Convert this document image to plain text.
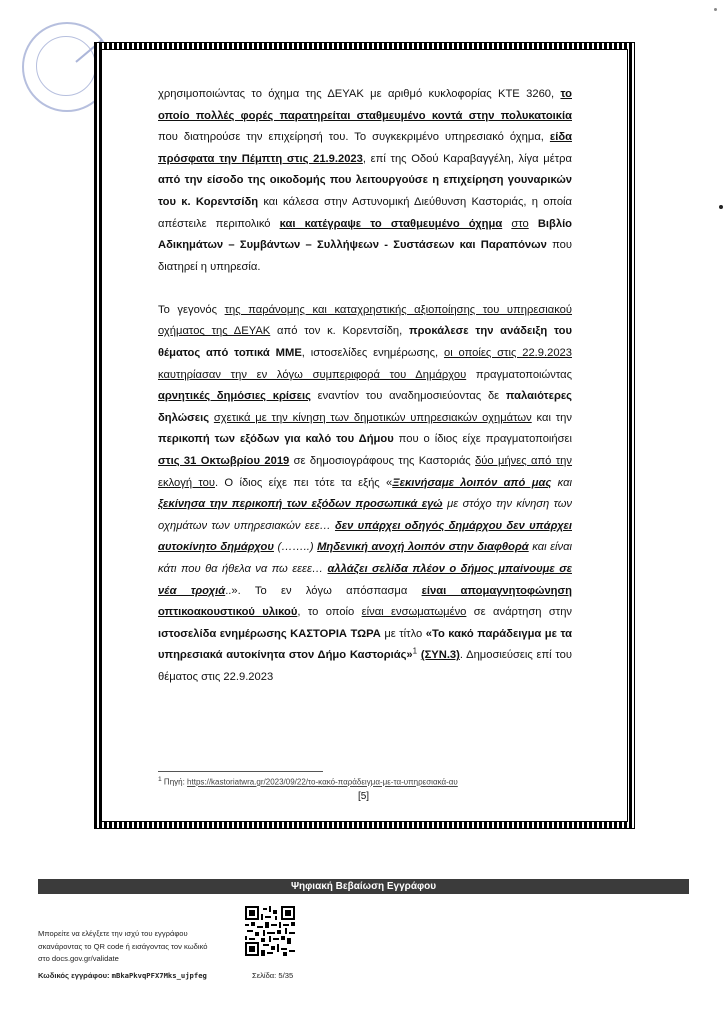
χρησιμοποιώντας το όχημα της ΔΕΥΑΚ με αριθμό κυκλοφορίας ΚΤΕ 3260, το οποίο πολλές φορές παρατηρείται σταθμευμένο κοντά στην πολυκατοικία που διατηρούσε την επιχείρησή του. Το συγκεκριμένο υπηρεσιακό όχημα, είδα πρόσφατα την Πέμπτη στις 21.9.2023, επί της Οδού Καραβαγγέλη, λίγα μέτρα από την είσοδο της οικοδομής που λειτουργούσε η επιχείρηση γουναρικών του κ. Κορεντσίδη και κάλεσα στην Αστυνομική Διεύθυνση Καστοριάς, η οποία απέστειλε περιπολικό και κατέγραψε το σταθμευμένο όχημα στο Βιβλίο Αδικημάτων – Συμβάντων – Συλλήψεων - Συστάσεων και Παραπόνων που διατηρεί η υπηρεσία.

Το γεγονός της παράνομης και καταχρηστικής αξιοποίησης του υπηρεσιακού οχήματος της ΔΕΥΑΚ από τον κ. Κορεντσίδη, προκάλεσε την ανάδειξη του θέματος από τοπικά ΜΜΕ, ιστοσελίδες ενημέρωσης, οι οποίες στις 22.9.2023 καυτηρίασαν την εν λόγω συμπεριφορά του Δημάρχου πραγματοποιώντας αρνητικές δημόσιες κρίσεις εναντίον του αναδημοσιεύοντας δε παλαιότερες δηλώσεις σχετικά με την κίνηση των δημοτικών υπηρεσιακών οχημάτων και την περικοπή των εξόδων για καλό του Δήμου που ο ίδιος είχε πραγματοποιήσει στις 31 Οκτωβρίου 2019 σε δημοσιογράφους της Καστοριάς δύο μήνες από την εκλογή του. Ο ίδιος είχε πει τότε τα εξής «Ξεκινήσαμε λοιπόν από μας και ξεκίνησα την περικοπή των εξόδων προσωπικά εγώ με στόχο την κίνηση των οχημάτων των υπηρεσιακών εεε… δεν υπάρχει οδηγός δημάρχου δεν υπάρχει αυτοκίνητο δημάρχου (……..) Μηδενική ανοχή λοιπόν στην διαφθορά και είναι κάτι που θα ήθελα να πω εεεε… αλλάζει σελίδα πλέον ο δήμος μπαίνουμε σε νέα τροχιά..». Το εν λόγω απόσπασμα είναι απομαγνητοφώνηση οπτικοακουστικού υλικού, το οποίο είναι ενσωματωμένο σε ανάρτηση στην ιστοσελίδα ενημέρωσης ΚΑΣΤΟΡΙΑ ΤΩΡΑ με τίτλο «Το κακό παράδειγμα με τα υπηρεσιακά αυτοκίνητα στον Δήμο Καστοριάς»$^1$ (ΣΥΝ.3). Δημοσιεύσεις επί του θέματος στις 22.9.2023

$^1$ Πηγή: https://kastoriatwra.gr/2023/09/22/το-κακό-παράδειγμα-με-τα-υπηρεσιακά-αυ
[5]
Ψηφιακή Βεβαίωση Εγγράφου
Μπορείτε να ελέγξετε την ισχύ του εγγράφου
σκανάροντας το QR code ή εισάγοντας τον κωδικό
στο docs.gov.gr/validate
Κωδικός εγγράφου: mBkaPkvqPFX7Mks_ujpfeg	Σελίδα: 5/35
